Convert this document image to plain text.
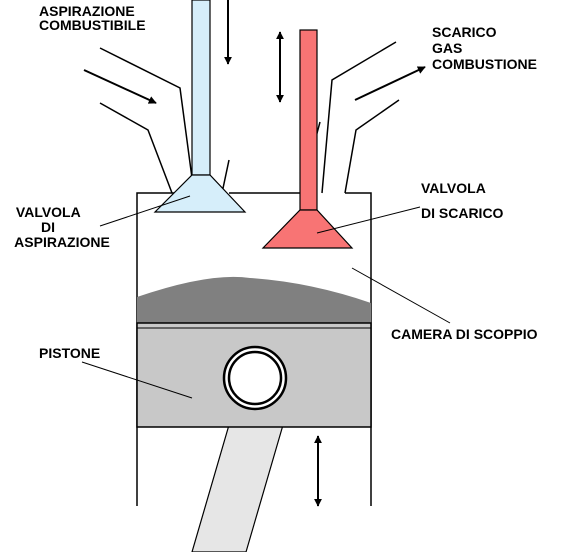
ASPIRAZIONE COMBUSTIBILE	SCARICO GAS COMBUSTIONE
VALVOLA DI ASPIRAZIONE
VALVOLA DI SCARICO
CAMERA DI SCOPPIO
PISTONE
